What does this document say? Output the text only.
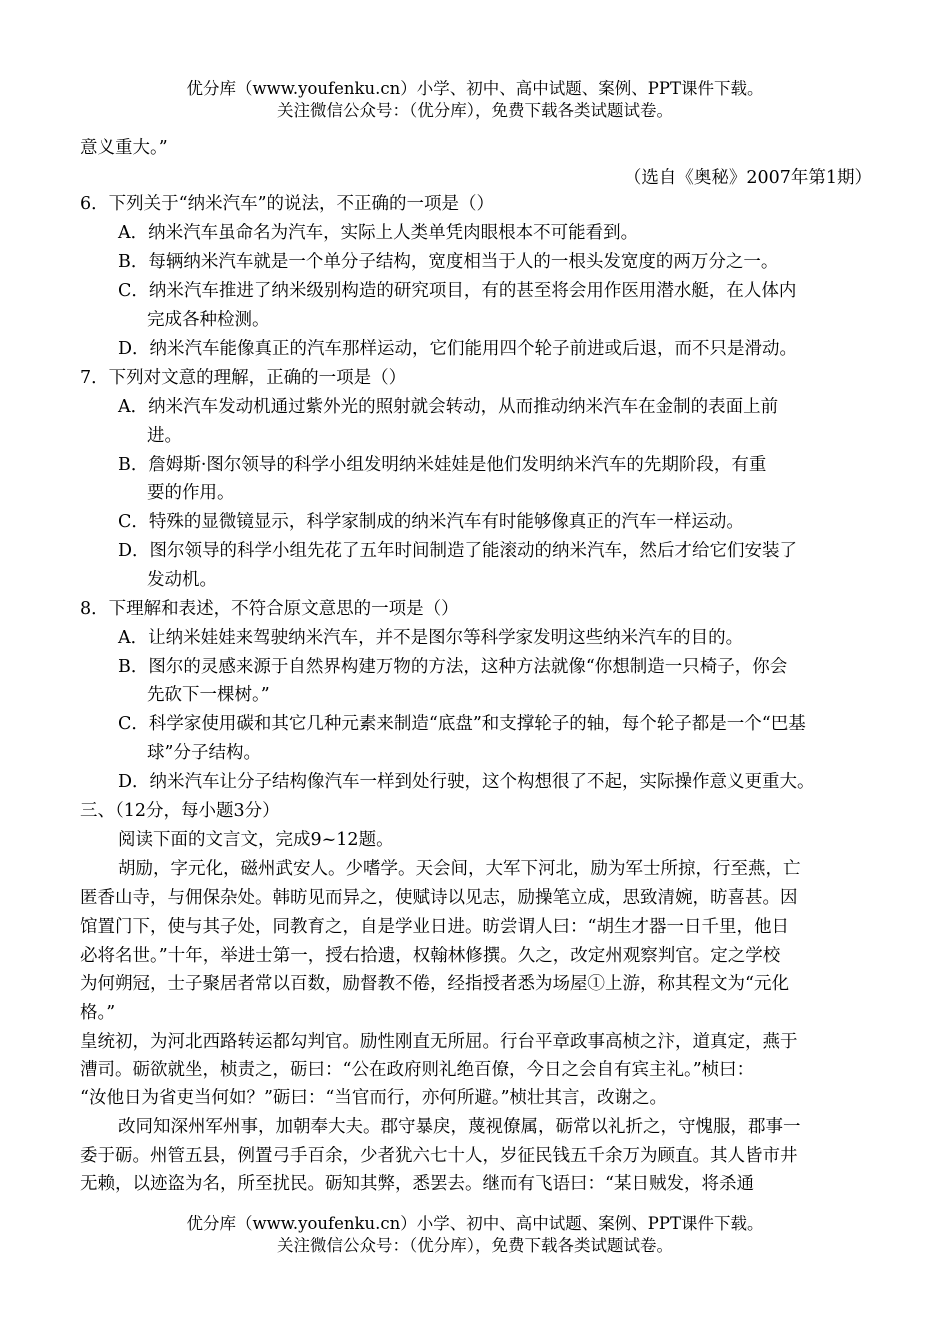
优分库（www.youfenku.cn）小学、初中、高中试题、案例、PPT课件下载。
关注微信公众号：（优分库），免费下载各类试题试卷。
意义重大。”
（选自《奥秘》2007年第1期）
6．下列关于“纳米汽车”的说法，不正确的一项是（）
A．纳米汽车虽命名为汽车，实际上人类单凭肉眼根本不可能看到。
B．每辆纳米汽车就是一个单分子结构，宽度相当于人的一根头发宽度的两万分之一。
C．纳米汽车推进了纳米级别构造的研究项目，有的甚至将会用作医用潜水艇，在人体内
完成各种检测。
D．纳米汽车能像真正的汽车那样运动，它们能用四个轮子前进或后退，而不只是滑动。
7．下列对文意的理解，正确的一项是（）
A．纳米汽车发动机通过紫外光的照射就会转动，从而推动纳米汽车在金制的表面上前
进。
B．詹姆斯·图尔领导的科学小组发明纳米娃娃是他们发明纳米汽车的先期阶段，有重
要的作用。
C．特殊的显微镜显示，科学家制成的纳米汽车有时能够像真正的汽车一样运动。
D．图尔领导的科学小组先花了五年时间制造了能滚动的纳米汽车，然后才给它们安装了
发动机。
8．下理解和表述，不符合原文意思的一项是（）
A．让纳米娃娃来驾驶纳米汽车，并不是图尔等科学家发明这些纳米汽车的目的。
B．图尔的灵感来源于自然界构建万物的方法，这种方法就像“你想制造一只椅子，你会
先砍下一棵树。”
C．科学家使用碳和其它几种元素来制造“底盘”和支撑轮子的轴，每个轮子都是一个“巴基
球”分子结构。
D．纳米汽车让分子结构像汽车一样到处行驶，这个构想很了不起，实际操作意义更重大。
三、（12分，每小题3分）
阅读下面的文言文，完成9~12题。
胡励，字元化，磁州武安人。少嗜学。天会间，大军下河北，励为军士所掠，行至燕，亡
匿香山寺，与佣保杂处。韩昉见而异之，使赋诗以见志，励操笔立成，思致清婉，昉喜甚。因
馆置门下，使与其子处，同教育之，自是学业日进。昉尝谓人曰：“胡生才器一日千里，他日
必将名世。”十年，举进士第一，授右拾遗，权翰林修撰。久之，改定州观察判官。定之学校
为何朔冠，士子聚居者常以百数，励督教不倦，经指授者悉为场屋①上游，称其程文为“元化
格。”
皇统初，为河北西路转运都勾判官。励性刚直无所屈。行台平章政事高桢之汴，道真定，燕于
漕司。砺欲就坐，桢责之，砺曰：“公在政府则礼绝百僚，今日之会自有宾主礼。”桢曰：
“汝他日为省吏当何如？”砺曰：“当官而行，亦何所避。”桢壮其言，改谢之。
改同知深州军州事，加朝奉大夫。郡守暴戾，蔑视僚属，砺常以礼折之，守愧服，郡事一
委于砺。州管五县，例置弓手百余，少者犹六七十人，岁征民钱五千余万为顾直。其人皆市井
无赖，以迹盗为名，所至扰民。砺知其弊，悉罢去。继而有飞语曰：“某日贼发，将杀通
优分库（www.youfenku.cn）小学、初中、高中试题、案例、PPT课件下载。
关注微信公众号：（优分库），免费下载各类试题试卷。
